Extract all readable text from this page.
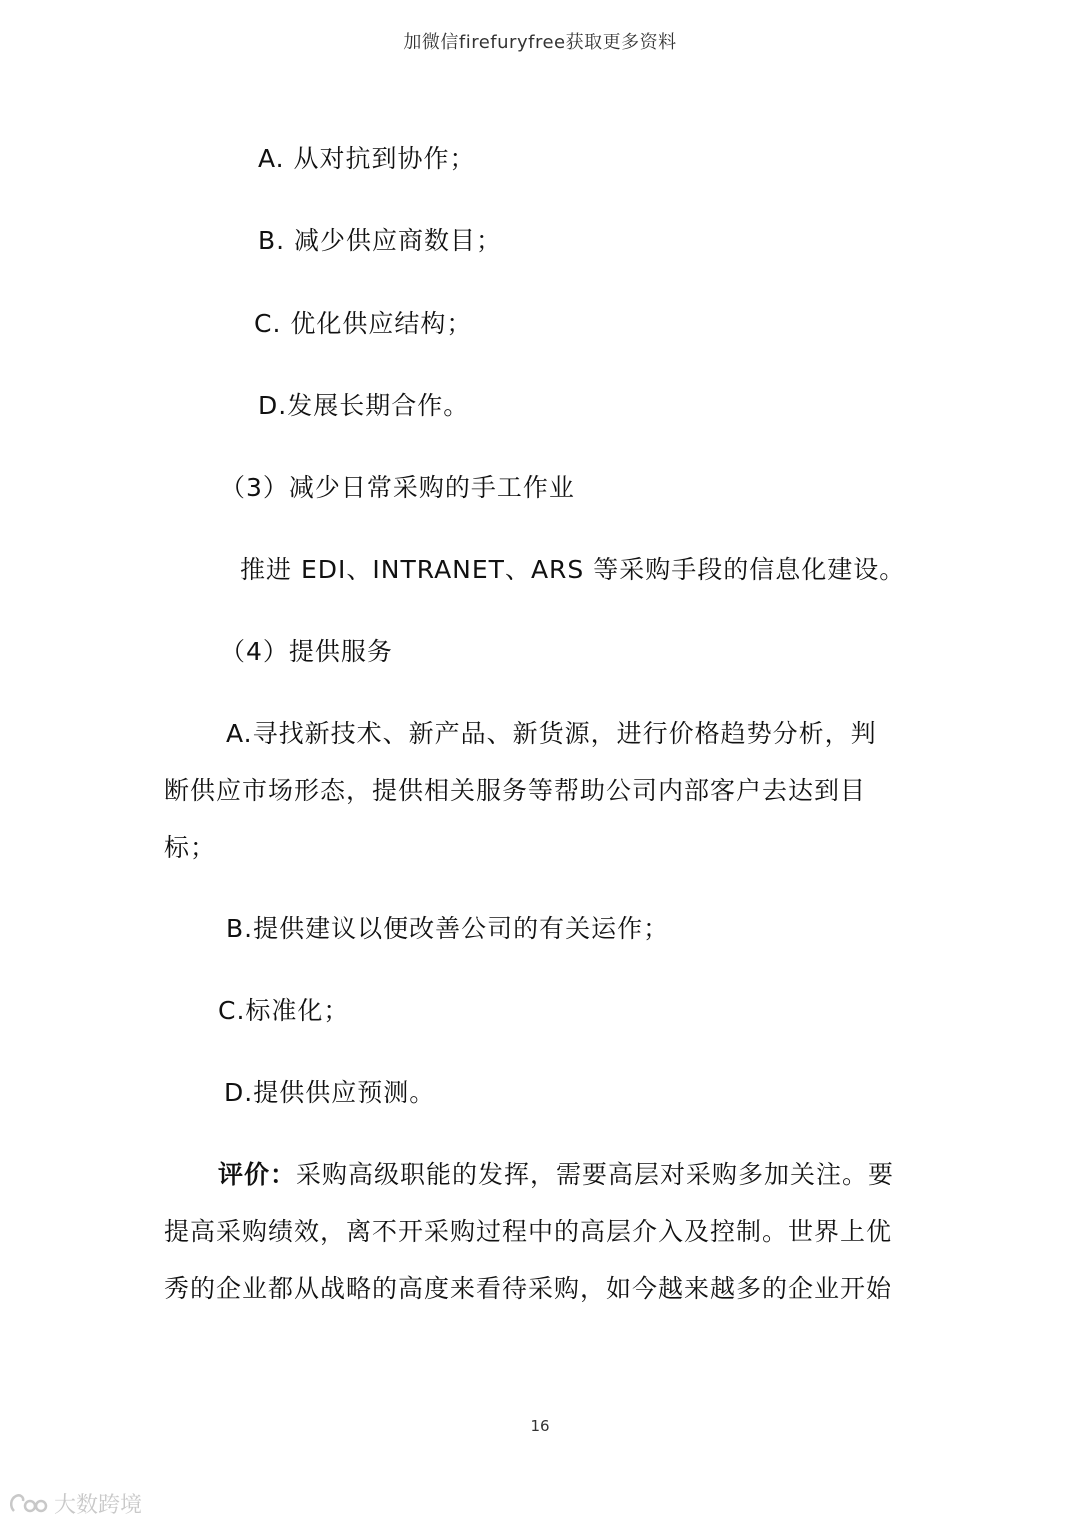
加微信firefuryfree获取更多资料
A. 从对抗到协作；
B. 减少供应商数目；
C. 优化供应结构；
D.发展长期合作。
（3）减少日常采购的手工作业
推进 EDI、INTRANET、ARS 等采购手段的信息化建设。
（4）提供服务
A.寻找新技术、新产品、新货源，进行价格趋势分析，判
断供应市场形态，提供相关服务等帮助公司内部客户去达到目
标；
B.提供建议以便改善公司的有关运作；
C.标准化；
D.提供供应预测。
评价：采购高级职能的发挥，需要高层对采购多加关注。要
提高采购绩效，离不开采购过程中的高层介入及控制。世界上优
秀的企业都从战略的高度来看待采购，如今越来越多的企业开始
16
大数跨境
